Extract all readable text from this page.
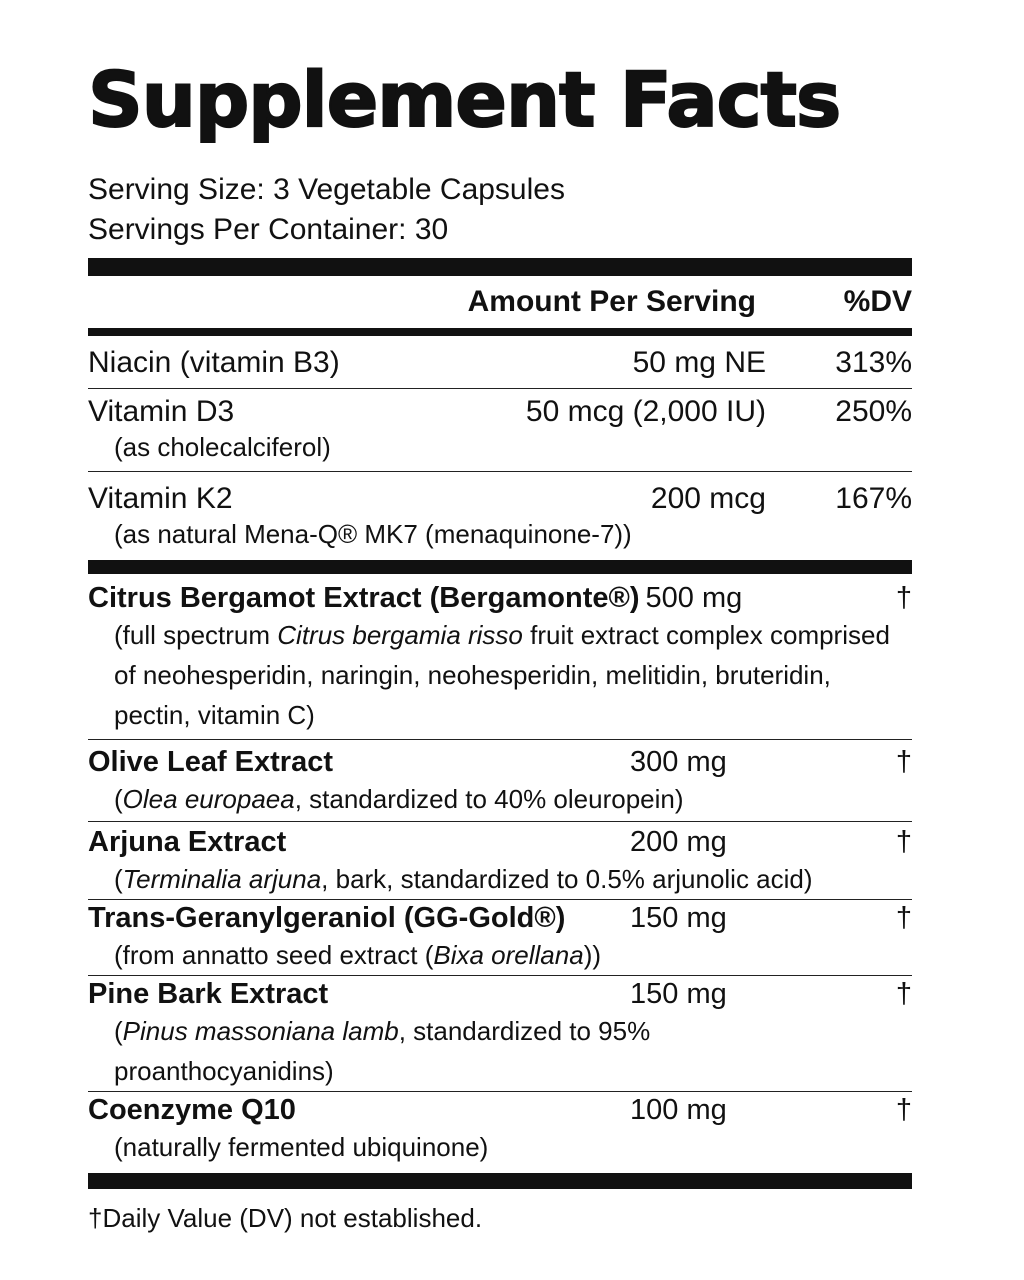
Supplement Facts
Serving Size: 3 Vegetable Capsules
Servings Per Container: 30
Amount Per Serving	%DV
Niacin (vitamin B3)	50 mg NE	313%
Vitamin D3	50 mcg (2,000 IU)	250%
(as cholecalciferol)
Vitamin K2	200 mcg	167%
(as natural Mena-Q® MK7 (menaquinone-7))
Citrus Bergamot Extract (Bergamonte®) 500 mg	†
(full spectrum Citrus bergamia risso fruit extract complex comprised of neohesperidin, naringin, neohesperidin, melitidin, bruteridin, pectin, vitamin C)
Olive Leaf Extract	300 mg	†
(Olea europaea, standardized to 40% oleuropein)
Arjuna Extract	200 mg	†
(Terminalia arjuna, bark, standardized to 0.5% arjunolic acid)
Trans-Geranylgeraniol (GG-Gold®)	150 mg	†
(from annatto seed extract (Bixa orellana))
Pine Bark Extract	150 mg	†
(Pinus massoniana lamb, standardized to 95% proanthocyanidins)
Coenzyme Q10	100 mg	†
(naturally fermented ubiquinone)
†Daily Value (DV) not established.
